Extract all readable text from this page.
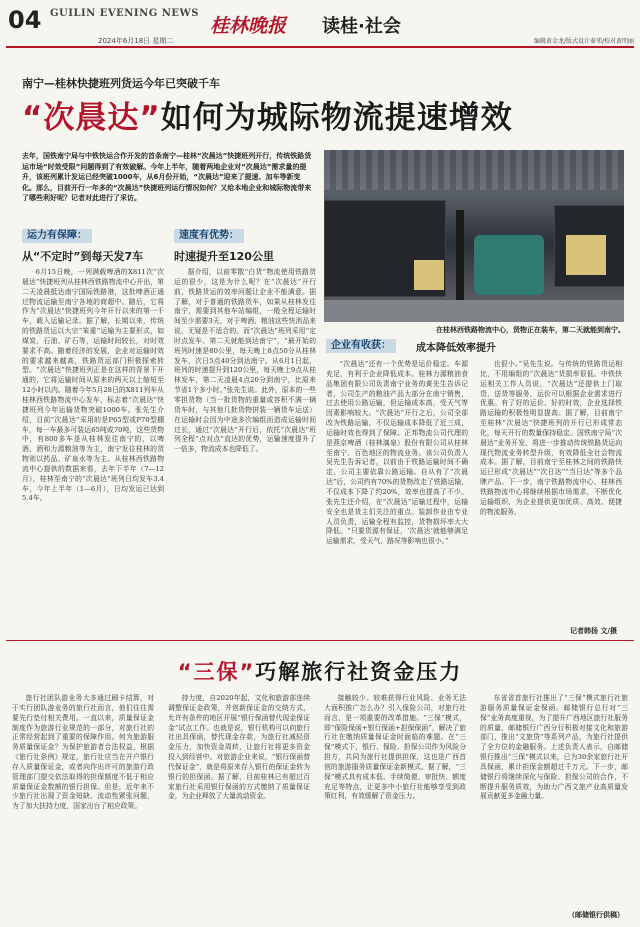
04 GUILIN EVENING NEWS
2024年6月18日 星期二
桂林晚报 读桂·社会
编辑黄金龙/版式设计秦邻/校对黄明丽
南宁—桂林快捷班列货运今年已突破千车
“次晨达”如何为城际物流提速增效
去年，国铁南宁局与中铁快运合作开发的首条南宁—桂林“次晨达”快捷班列开行，传统铁路货运市场“时效受限”问题得到了有效破解。今年上半年，随着两地企业对“次晨达”需求量的提升，该班列累计发运已经突破1000车，从6月份开始，“次晨达”迎来了提速、加车等新变化。那么，目前开行一年多的“次晨达”快捷班列运行情况如何？又给本地企业和城际物流带来了哪些利好呢？记者对此进行了采访。
在桂林西铁路物流中心，货物正在装车，第二天就能到南宁。
运力有保障：
从“不定时”到每天发7车
速度有优势：
时速提升至120公里
企业有收获：	成本降低效率提升
6月15日晚，一列满载啤酒的X811次“次晨达”快捷班列从桂林西铁路物流中心开出，第二天凌晨抵达南宁国际铁路港，这批啤酒正通过物流运输至南宁各地的商超中。随后，它将作为“次晨达”快捷班列今年开行以来的第一千车，载入运输记录。据了解，长期以来，传统的铁路货运以大宗“笨重”运输为主要形式，如煤炭、石油、矿石等，运输时间较长，对时效要求不高。随着经济的发展，企业对运输时效的要求越来越高，铁路货运部门积极探索转型。“次晨达”快捷班列正是在这样的背景下开通的，它将运输时间从原来的两天以上缩短至12小时以内。随着今年5月28日的X811列车从桂林西铁路物流中心发车，标志着“次晨达”快捷班列今年运输货物突破1000车。张先生介绍，目前“次晨达”采用的是P65型或P70型棚车，每一车最多可装运65吨或70吨，这些货物中，有800多车是从桂林发往南宁的，以啤酒、酒和力源粮油等为主，南宁发往桂林的货物则以药品、矿泉水等为主。从桂林西铁路物流中心提供的数据来看，去年下半年（7—12月），桂林至南宁的“次晨达”班列日均发车3.4车，今年上半年（1—6月），日均发运已达到5.4车。
据介绍，以前零散“白货”物流使用铁路货运的很少，这是为什么呢？在“次晨达”开行前，铁路货运的效率问题让企业不能满意。据了解，对于普通的铁路货车，如果从桂林发往南宁，需要到其他车站编组，一般全程运输时间至少需要3天，对于啤酒、粮油这些快消品来说，无疑是不适合的。而“次晨达”班列采用“定时点发车、第二天就能到达南宁”，“最开始的班列时速是80公里，每天晚上8点50分从桂林发车，次日5点40分到达南宁。从6月1日起，班列的时速提升到120公里，每天晚上9点从桂林发车，第二天凌晨4点20分到南宁，比原来节省1个多小时。”张先生说。此外，原本的一些零担货物（当一批货物的重量或容积不满一辆货车时，与其他几批货物拼装一辆货车运送）在运输时会因为中途多次编组而造成运输时间过长，通过“次晨达”开行后，依托“次晨达”班列全程“点对点”直达的优势，运输速度提升了一倍多，物流成本也降低了。
“次晨达”还有一个优势是运价稳定。车源充足，有利于企业降低成本。桂林力源粮油食品集团有限公司负责南宁业务的黄先生告诉记者，公司生产的粮油产品大部分在南宁销售，过去使用公路运输，但运输成本高，受天气等因素影响较大。“次晨达”开行之后，公司全部改为铁路运输，不仅运输成本降低了近三成，运输时效也得到了保障。正邦物流公司代理的是燕京啤酒（桂林漓泉）股份有限公司从桂林至南宁、百色地区的物流业务。该公司负责人吴先生告诉记者，以前由于铁路运输时间不确定，公司主要依靠公路运输。自从有了“次晨达”后，公司约有70%的货物改走了铁路运输，不仅成本下降了约20%，效率也提高了不少。张先生还介绍，在“次晨达”运输过程中，运输安全也是货主们关注的重点。装卸作业由专业人员负责，运输全程有监控，货物损坏率大大降低。“只要货源有保证，‘次晨达’就能够满足运输需求，受天气、路况等影响也很小。”
也很小。”吴先生说。与传统的铁路货运相比，不用编组的“次晨达”货损率很低。中铁快运相关工作人员说，“次晨达”还提供上门取货、送货等服务，运价可以根据企业需求进行优惠。有了好的运价、好的时效，企业选择铁路运输的积极性明显提高。据了解，目前南宁至桂林“次晨达”快捷班列的开行已形成常态化，每天开行的数量保持稳定。国铁南宁局“次晨达”业务开发，将进一步推动传统铁路货运向现代物流业务转型升级，有效降低全社会物流成本。据了解，目前南宁至桂林之间的铁路快运已形成“次晨达”“次日达”“当日达”等多个品牌产品。下一步，南宁铁路物流中心、桂林西铁路物流中心将继续根据市场需求，不断优化运输组织，为企业提供更加优质、高效、便捷的物流服务。
记者韩扬 文/摄
“三保”巧解旅行社资金压力
旅行社团队游业务大多通过刷卡结算，对于实行团队游业务的旅行社而言，他们往往需要先行垫付相关费用。一直以来，质量保证金制度作为旅游行业规范的一部分，对旅行社的正常经营起到了重要的保障作用。何为旅游服务质量保证金？为保护旅游者合法权益，根据《旅行社条例》规定，旅行社应当在开户银行存入质量保证金，或者向作出许可的旅游行政管理部门提交依法取得的担保额度不低于相应质量保证金数额的银行担保。但是，近年来不少旅行社出现了资金短缺、流动性紧张问题，为了加大扶持力度，国家出台了相应政策。
持力度，自2020年起，文化和旅游部连续调整保证金政策，并创新保证金的交纳方式，允许有条件的地区开展“银行保函替代现金保证金”试点工作。也就是说，银行机构可以向旅行社出具保函，替代现金存款，为旅行社减轻资金压力，加快资金周转，让旅行社将更多资金投入到经营中。对旅游企业来说，“银行保函替代保证金”，就是将原来存入银行的保证金转为银行的担保函。据了解，目前桂林已有超过百家旅行社采用银行保函的方式缴纳了质量保证金，为企业释放了大量流动资金。
接触较少。较难获得行业风险、业务无法大面积推广怎么办？引入保险公司，对旅行社而言，是一项重要的改革措施。“三保”模式，即“保险保函+银行保函+担保保函”，解决了旅行社在缴纳质量保证金时面临的难题。在“三保”模式下，银行、保险、担保公司作为风险分担方，共同为旅行社提供担保，这也是广西首创的旅游服务质量保证金新模式。据了解，“三保”模式具有成本低、手续简便、审批快、额度充足等特点，让更多中小旅行社能够享受到政策红利，有效缓解了资金压力。
东省省首旅行社推出了“三保”模式旅行社旅游服务质量保证金保函。邮储银行总行对“三保”业务高度重视，为了提升广西地区旅行社服务的质量，邮储银行广西分行积极对接文化和旅游部门，推出“文旅贷”等系列产品，为旅行社提供了全方位的金融服务。上述负责人表示，自邮储银行推出“三保”模式以来，已为30余家旅行社开具保函，累计担保金额超过千万元。下一步，邮储银行将继续深化与保险、担保公司的合作，不断提升服务质效，为助力广西文旅产业高质量发展贡献更多金融力量。
（邮储银行供稿）
